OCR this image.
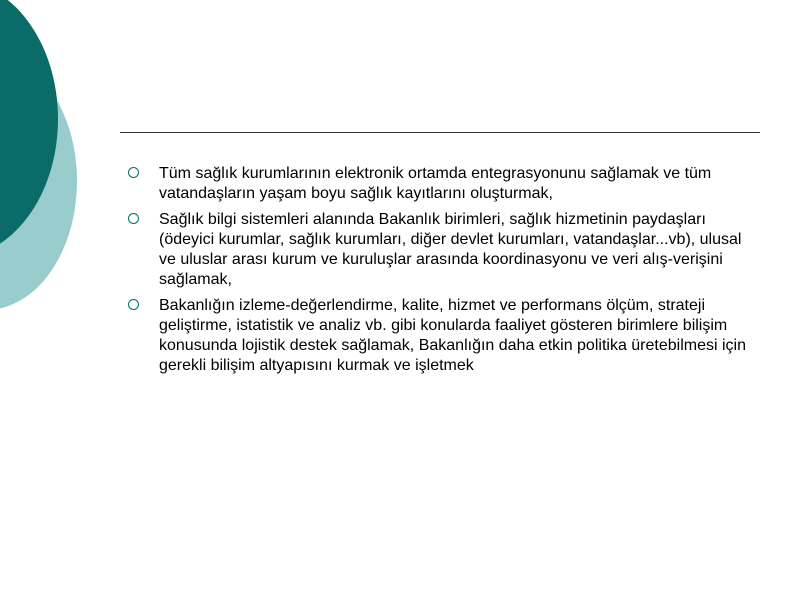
Tüm sağlık kurumlarının elektronik ortamda entegrasyonunu sağlamak ve tüm vatandaşların yaşam boyu sağlık kayıtlarını oluşturmak,
Sağlık bilgi sistemleri alanında Bakanlık birimleri, sağlık hizmetinin paydaşları (ödeyici kurumlar, sağlık kurumları, diğer devlet kurumları, vatandaşlar...vb), ulusal ve uluslar arası kurum ve kuruluşlar arasında koordinasyonu ve veri alış-verişini sağlamak,
Bakanlığın izleme-değerlendirme, kalite, hizmet ve performans ölçüm, strateji geliştirme, istatistik ve analiz vb. gibi konularda faaliyet gösteren birimlere bilişim konusunda lojistik destek sağlamak, Bakanlığın daha etkin politika üretebilmesi için gerekli bilişim altyapısını kurmak ve işletmek
